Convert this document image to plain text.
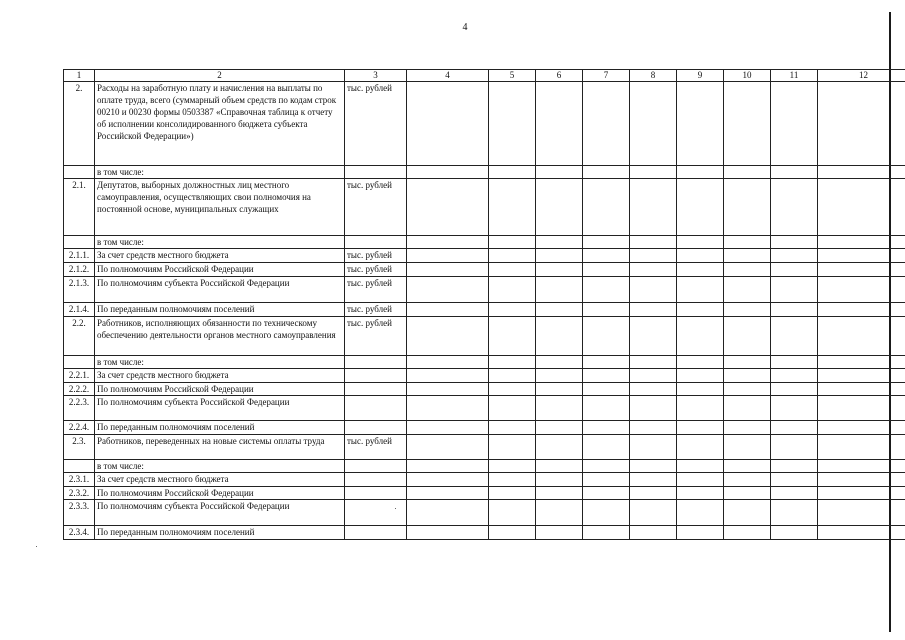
4
1	2	3	4	5	6	7	8	9	10	11	12
2.	Расходы на заработную плату и начисления на выплаты по оплате труда, всего (суммарный объем средств по кодам строк 00210 и 00230 формы 0503387 «Справочная таблица к отчету об исполнении консолидированного бюджета субъекта Российской Федерации»)	тыс. рублей									
	в том числе:										
2.1.	Депутатов, выборных должностных лиц местного самоуправления, осуществляющих свои полномочия на постоянной основе, муниципальных служащих	тыс. рублей									
	в том числе:										
2.1.1.	За счет средств местного бюджета	тыс. рублей									
2.1.2.	По полномочиям Российской Федерации	тыс. рублей									
2.1.3.	По полномочиям субъекта Российской Федерации	тыс. рублей									
2.1.4.	По переданным полномочиям поселений	тыс. рублей									
2.2.	Работников, исполняющих обязанности по техническому обеспечению деятельности органов местного самоуправления	тыс. рублей									
	в том числе:										
2.2.1.	За счет средств местного бюджета										
2.2.2.	По полномочиям Российской Федерации										
2.2.3.	По полномочиям субъекта Российской Федерации										
2.2.4.	По переданным полномочиям поселений										
2.3.	Работников, переведенных на новые системы оплаты труда	тыс. рублей									
	в том числе:										
2.3.1.	За счет средств местного бюджета										
2.3.2.	По полномочиям Российской Федерации										
2.3.3.	По полномочиям субъекта Российской Федерации										
2.3.4.	По переданным полномочиям поселений										
